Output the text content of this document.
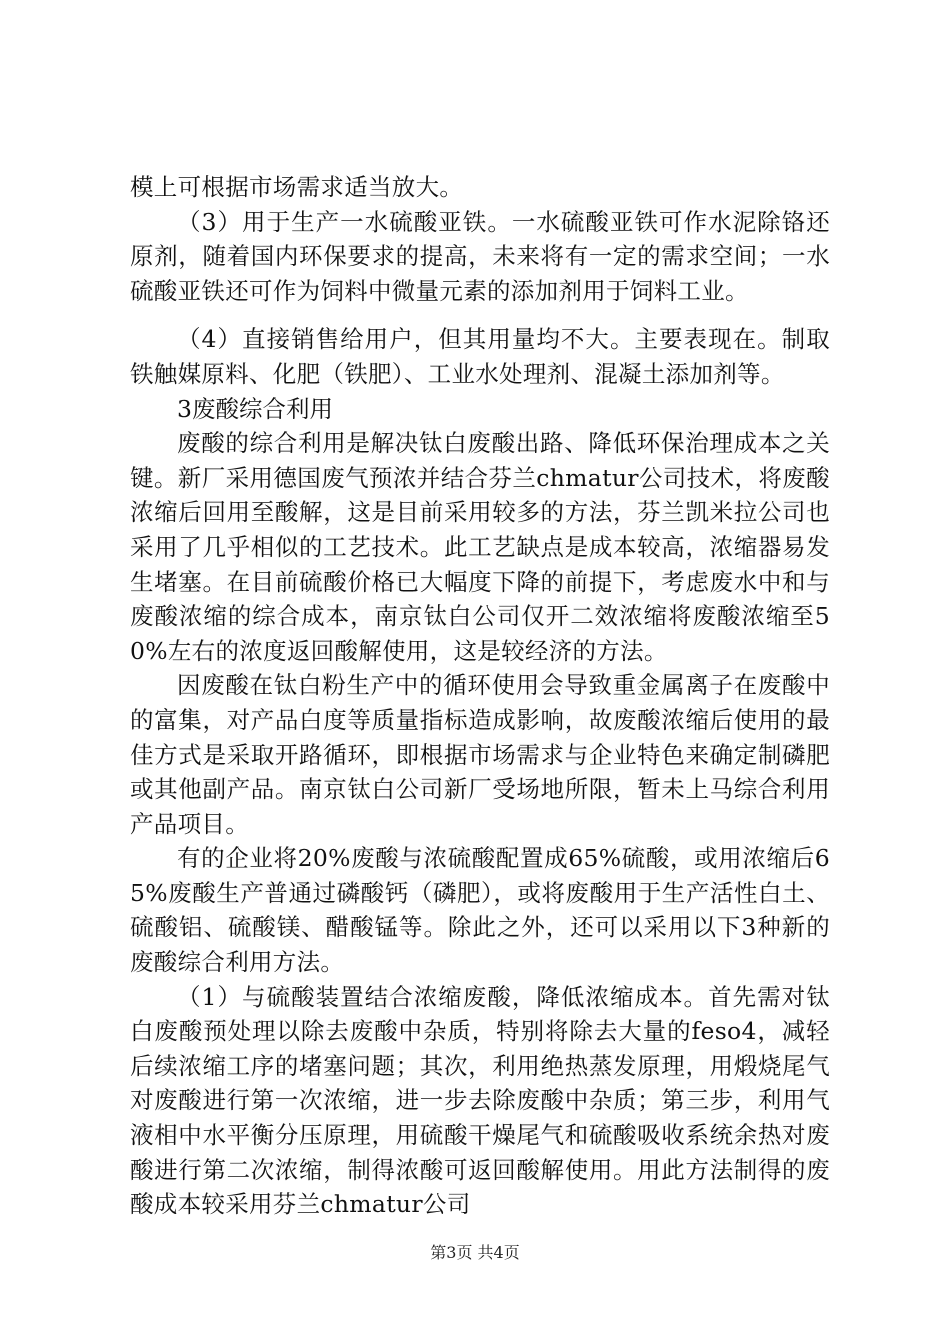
模上可根据市场需求适当放大。

（3）用于生产一水硫酸亚铁。一水硫酸亚铁可作水泥除铬还原剂，随着国内环保要求的提高，未来将有一定的需求空间；一水硫酸亚铁还可作为饲料中微量元素的添加剂用于饲料工业。

（4）直接销售给用户，但其用量均不大。主要表现在。制取铁触媒原料、化肥（铁肥）、工业水处理剂、混凝土添加剂等。

3废酸综合利用

废酸的综合利用是解决钛白废酸出路、降低环保治理成本之关键。新厂采用德国废气预浓并结合芬兰chmatur公司技术，将废酸浓缩后回用至酸解，这是目前采用较多的方法，芬兰凯米拉公司也采用了几乎相似的工艺技术。此工艺缺点是成本较高，浓缩器易发生堵塞。在目前硫酸价格已大幅度下降的前提下，考虑废水中和与废酸浓缩的综合成本，南京钛白公司仅开二效浓缩将废酸浓缩至50%左右的浓度返回酸解使用，这是较经济的方法。

因废酸在钛白粉生产中的循环使用会导致重金属离子在废酸中的富集，对产品白度等质量指标造成影响，故废酸浓缩后使用的最佳方式是采取开路循环，即根据市场需求与企业特色来确定制磷肥或其他副产品。南京钛白公司新厂受场地所限，暂未上马综合利用产品项目。

有的企业将20%废酸与浓硫酸配置成65%硫酸，或用浓缩后65%废酸生产普通过磷酸钙（磷肥），或将废酸用于生产活性白土、硫酸铝、硫酸镁、醋酸锰等。除此之外，还可以采用以下3种新的废酸综合利用方法。

（1）与硫酸装置结合浓缩废酸，降低浓缩成本。首先需对钛白废酸预处理以除去废酸中杂质，特别将除去大量的feso4，减轻后续浓缩工序的堵塞问题；其次，利用绝热蒸发原理，用煅烧尾气对废酸进行第一次浓缩，进一步去除废酸中杂质；第三步，利用气液相中水平衡分压原理，用硫酸干燥尾气和硫酸吸收系统余热对废酸进行第二次浓缩，制得浓酸可返回酸解使用。用此方法制得的废酸成本较采用芬兰chmatur公司

第3页 共4页
